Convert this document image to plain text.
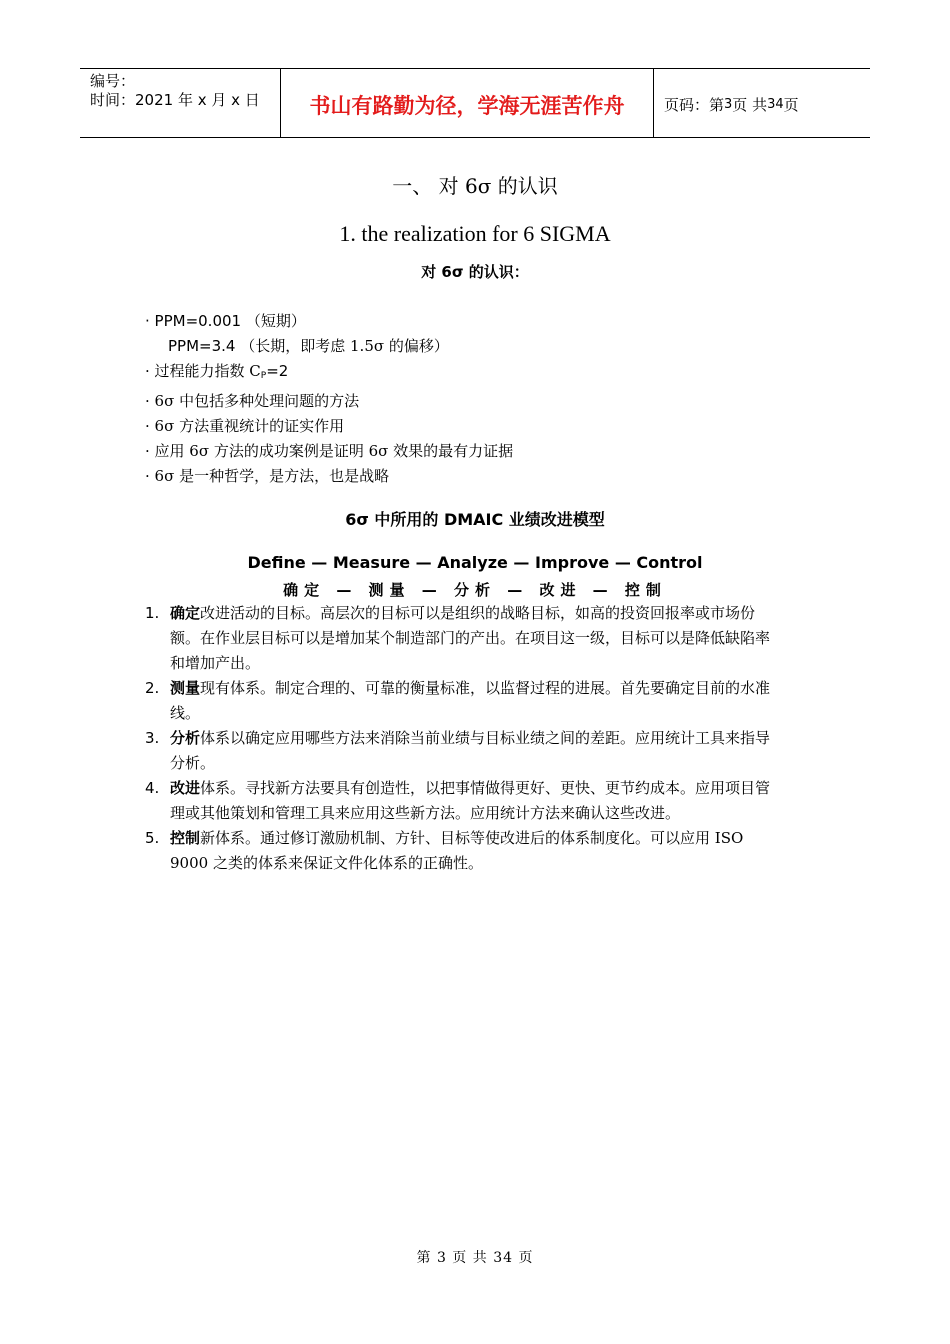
编号：
时间：2021 年 x 月 x 日	书山有路勤为径，学海无涯苦作舟	页码：第 3 页 共 34 页
一、 对 6σ 的认识
1. the realization for 6 SIGMA
对 6σ 的认识：
· PPM=0.001 （短期）
PPM=3.4 （长期，即考虑 1.5σ 的偏移）
· 过程能力指数 $C_P=2$
· 6σ 中包括多种处理问题的方法
· 6σ 方法重视统计的证实作用
· 应用 6σ 方法的成功案例是证明 6σ 效果的最有力证据
· 6σ 是一种哲学，是方法，也是战略
6σ 中所用的 DMAIC 业绩改进模型
Define — Measure — Analyze — Improve — Control
确定 — 测量 — 分析 — 改进 — 控制
1. 确定改进活动的目标。高层次的目标可以是组织的战略目标，如高的投资回报率或市场份额。在作业层目标可以是增加某个制造部门的产出。在项目这一级，目标可以是降低缺陷率和增加产出。
2. 测量现有体系。制定合理的、可靠的衡量标准，以监督过程的进展。首先要确定目前的水准线。
3. 分析体系以确定应用哪些方法来消除当前业绩与目标业绩之间的差距。应用统计工具来指导分析。
4. 改进体系。寻找新方法要具有创造性，以把事情做得更好、更快、更节约成本。应用项目管理或其他策划和管理工具来应用这些新方法。应用统计方法来确认这些改进。
5. 控制新体系。通过修订激励机制、方针、目标等使改进后的体系制度化。可以应用 ISO 9000 之类的体系来保证文件化体系的正确性。
第 3 页 共 34 页
